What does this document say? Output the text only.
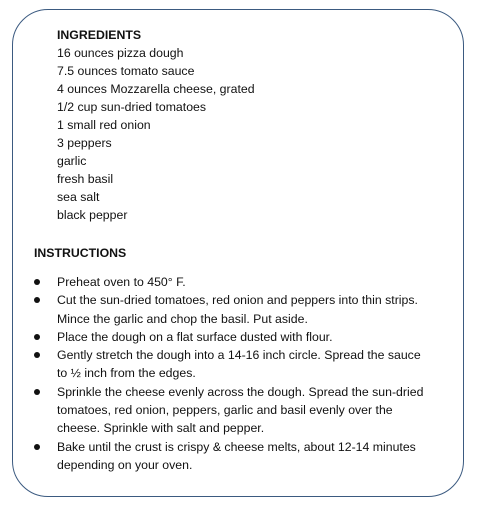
INGREDIENTS
16 ounces pizza dough
7.5 ounces tomato sauce
4 ounces Mozzarella cheese, grated
1/2 cup sun-dried tomatoes
1 small red onion
3 peppers
garlic
fresh basil
sea salt
black pepper
INSTRUCTIONS
Preheat oven to 450° F.
Cut the sun-dried tomatoes, red onion and peppers into thin strips.
Mince the garlic and chop the basil. Put aside.
Place the dough on a flat surface dusted with flour.
Gently stretch the dough into a 14-16 inch circle. Spread the sauce
to ½ inch from the edges.
Sprinkle the cheese evenly across the dough. Spread the sun-dried
tomatoes, red onion, peppers, garlic and basil evenly over the
cheese. Sprinkle with salt and pepper.
Bake until the crust is crispy & cheese melts, about 12-14 minutes
depending on your oven.
